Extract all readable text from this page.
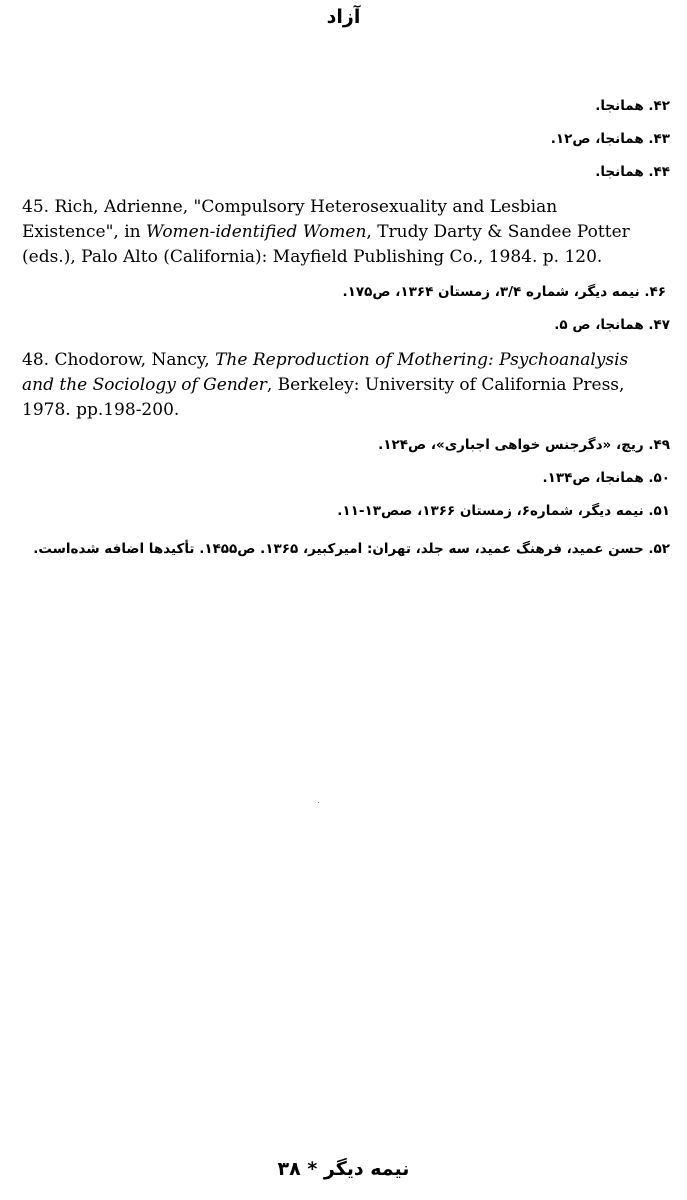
آزاد

۴۲. همانجا.

۴۳. همانجا، ص۱۲.

۴۴. همانجا.

45. Rich, Adrienne, "Compulsory Heterosexuality and Lesbian Existence", in Women-identified Women, Trudy Darty & Sandee Potter (eds.), Palo Alto (California): Mayfield Publishing Co., 1984. p. 120.

۴۶. نیمه دیگر، شماره ۳/۴، زمستان ۱۳۶۴، ص۱۷۵.

۴۷. همانجا، ص ۵.

48. Chodorow, Nancy, The Reproduction of Mothering: Psychoanalysis and the Sociology of Gender, Berkeley: University of California Press, 1978. pp.198-200.

۴۹. ریچ، «دگرجنس خواهی اجباری»، ص۱۲۴.

۵۰. همانجا، ص۱۳۴.

۵۱. نیمه دیگر، شماره۶، زمستان ۱۳۶۶، صص۱۳-۱۱.

۵۲. حسن عمید، فرهنگ عمید، سه جلد، تهران: امیرکبیر، ۱۳۶۵. ص۱۴۵۵. تأکیدها اضافه شده‌است.

نیمه دیگر * ۳۸
